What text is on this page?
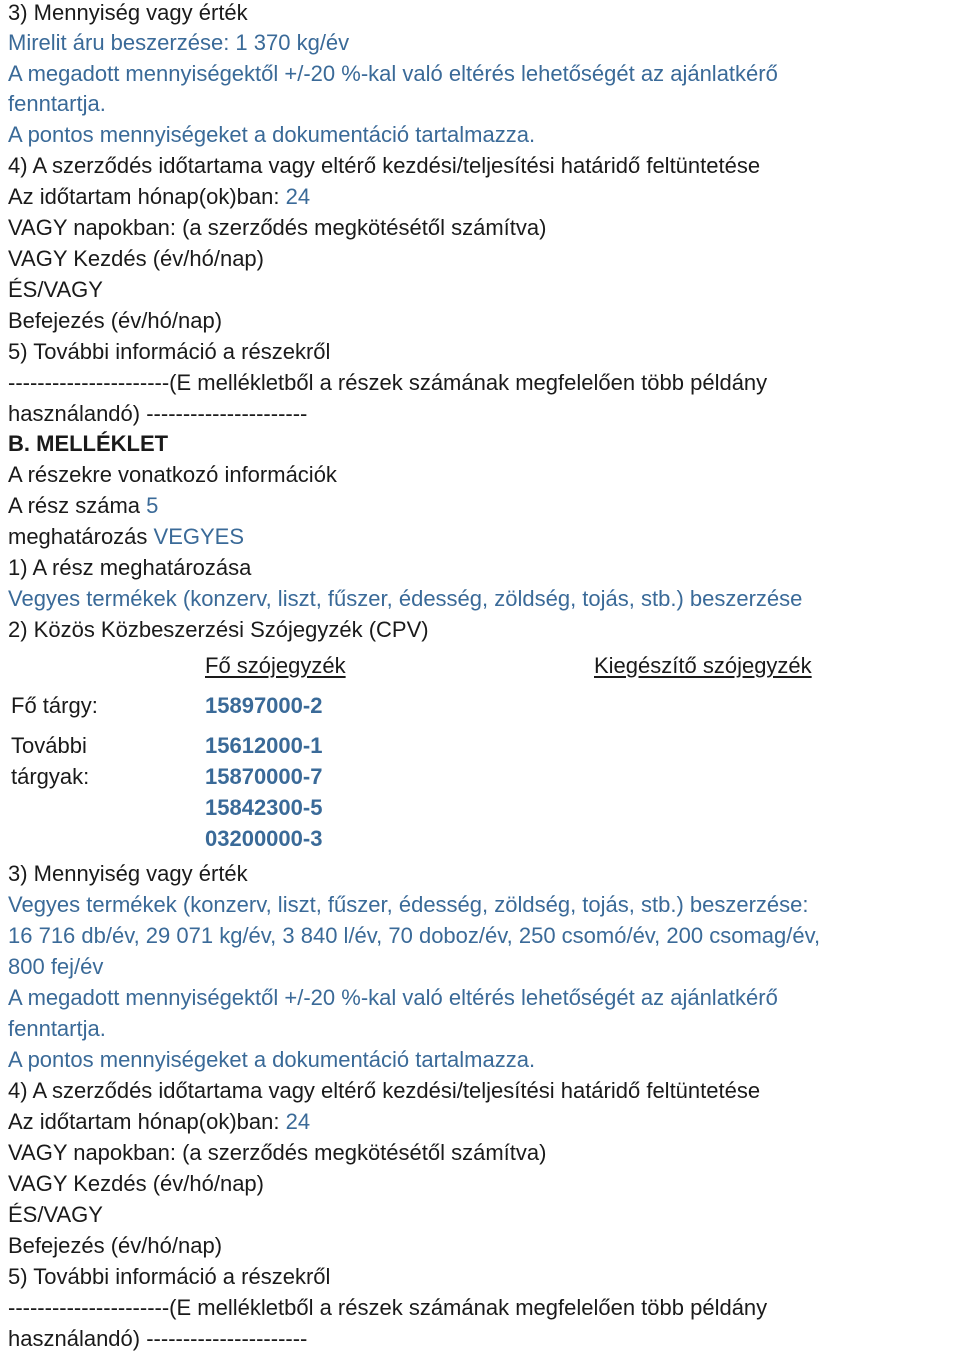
3) Mennyiség vagy érték
Mirelit áru beszerzése: 1 370 kg/év
A megadott mennyiségektől +/-20 %-kal való eltérés lehetőségét az ajánlatkérő
fenntartja.
A pontos mennyiségeket a dokumentáció tartalmazza.
4) A szerződés időtartama vagy eltérő kezdési/teljesítési határidő feltüntetése
Az időtartam hónap(ok)ban: 24
VAGY napokban: (a szerződés megkötésétől számítva)
VAGY Kezdés (év/hó/nap)
ÉS/VAGY
Befejezés (év/hó/nap)
5) További információ a részekről
----------------------(E mellékletből a részek számának megfelelően több példány
használandó) ----------------------
B. MELLÉKLET
A részekre vonatkozó információk
A rész száma 5
meghatározás VEGYES
1) A rész meghatározása
Vegyes termékek (konzerv, liszt, fűszer, édesség, zöldség, tojás, stb.) beszerzése
2) Közös Közbeszerzési Szójegyzék (CPV)
Fő szójegyzék	Kiegészítő szójegyzék
Fő tárgy:	15897000-2
További
tárgyak:
15612000-1
15870000-7
15842300-5
03200000-3
3) Mennyiség vagy érték
Vegyes termékek (konzerv, liszt, fűszer, édesség, zöldség, tojás, stb.) beszerzése:
16 716 db/év, 29 071 kg/év, 3 840 l/év, 70 doboz/év, 250 csomó/év, 200 csomag/év,
800 fej/év
A megadott mennyiségektől +/-20 %-kal való eltérés lehetőségét az ajánlatkérő
fenntartja.
A pontos mennyiségeket a dokumentáció tartalmazza.
4) A szerződés időtartama vagy eltérő kezdési/teljesítési határidő feltüntetése
Az időtartam hónap(ok)ban: 24
VAGY napokban: (a szerződés megkötésétől számítva)
VAGY Kezdés (év/hó/nap)
ÉS/VAGY
Befejezés (év/hó/nap)
5) További információ a részekről
----------------------(E mellékletből a részek számának megfelelően több példány
használandó) ----------------------
